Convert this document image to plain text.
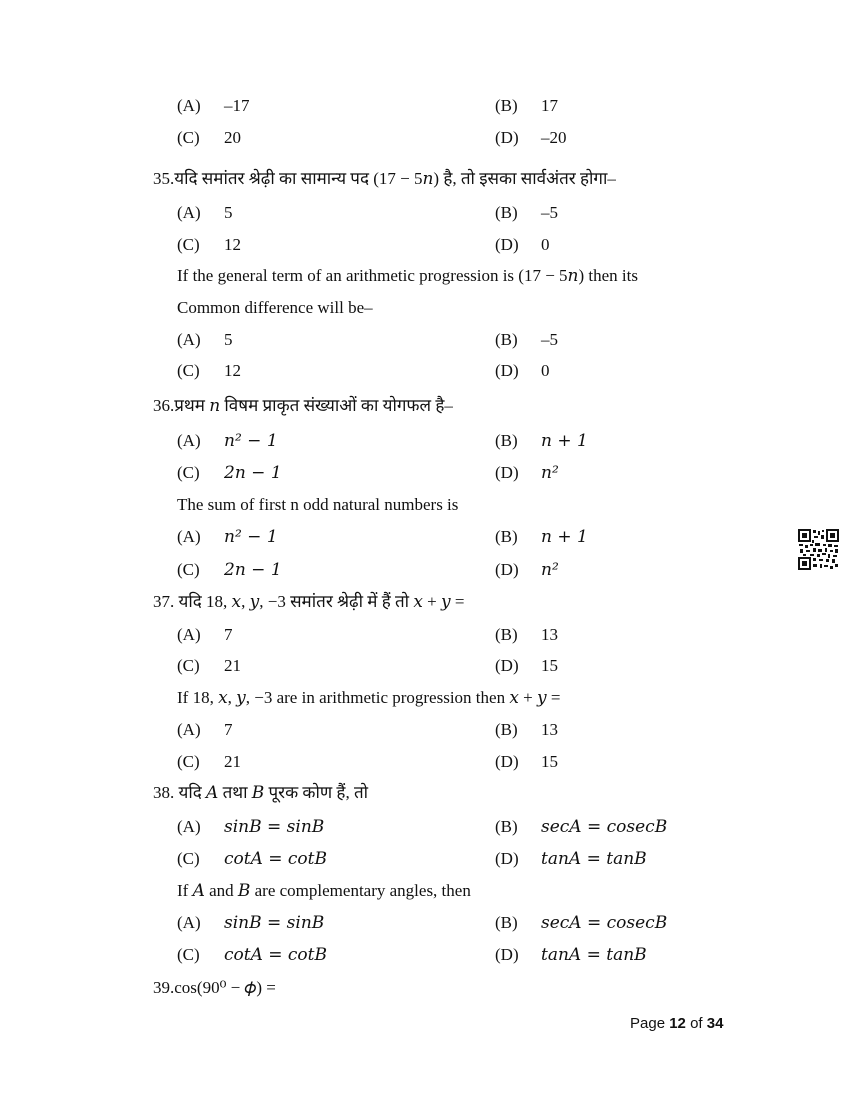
(A) –17	(B) 17
(C) 20	(D) –20
35.यदि समांतर श्रेढ़ी का सामान्य पद (17 − 5𝑛) है, तो इसका सार्वअंतर होगा–
(A) 5	(B) –5
(C) 12	(D) 0
If the general term of an arithmetic progression is (17 − 5𝑛) then its
Common difference will be–
(A) 5	(B) –5
(C) 12	(D) 0
36.प्रथम 𝑛 विषम प्राकृत संख्याओं का योगफल है–
(A) 𝑛² − 1	(B) 𝑛 + 1
(C) 2𝑛 − 1	(D) 𝑛²
The sum of first n odd natural numbers is
(A) 𝑛² − 1	(B) 𝑛 + 1
(C) 2𝑛 − 1	(D) 𝑛²
37. यदि 18, 𝑥, 𝑦, −3 समांतर श्रेढ़ी में हैं तो 𝑥 + 𝑦 =
(A) 7	(B) 13
(C) 21	(D) 15
If 18, 𝑥, 𝑦, −3 are in arithmetic progression then 𝑥 + 𝑦 =
(A) 7	(B) 13
(C) 21	(D) 15
38. यदि 𝐴 तथा 𝐵 पूरक कोण हैं, तो
(A) 𝑠𝑖𝑛𝐵 = 𝑠𝑖𝑛𝐵	(B) 𝑠𝑒𝑐𝐴 = 𝑐𝑜𝑠𝑒𝑐𝐵
(C) 𝑐𝑜𝑡𝐴 = 𝑐𝑜𝑡𝐵	(D) 𝑡𝑎𝑛𝐴 = 𝑡𝑎𝑛𝐵
If 𝐴 and 𝐵 are complementary angles, then
(A) 𝑠𝑖𝑛𝐵 = 𝑠𝑖𝑛𝐵	(B) 𝑠𝑒𝑐𝐴 = 𝑐𝑜𝑠𝑒𝑐𝐵
(C) 𝑐𝑜𝑡𝐴 = 𝑐𝑜𝑡𝐵	(D) 𝑡𝑎𝑛𝐴 = 𝑡𝑎𝑛𝐵
39.cos(90⁰ − 𝜙) =
Page 12 of 34
